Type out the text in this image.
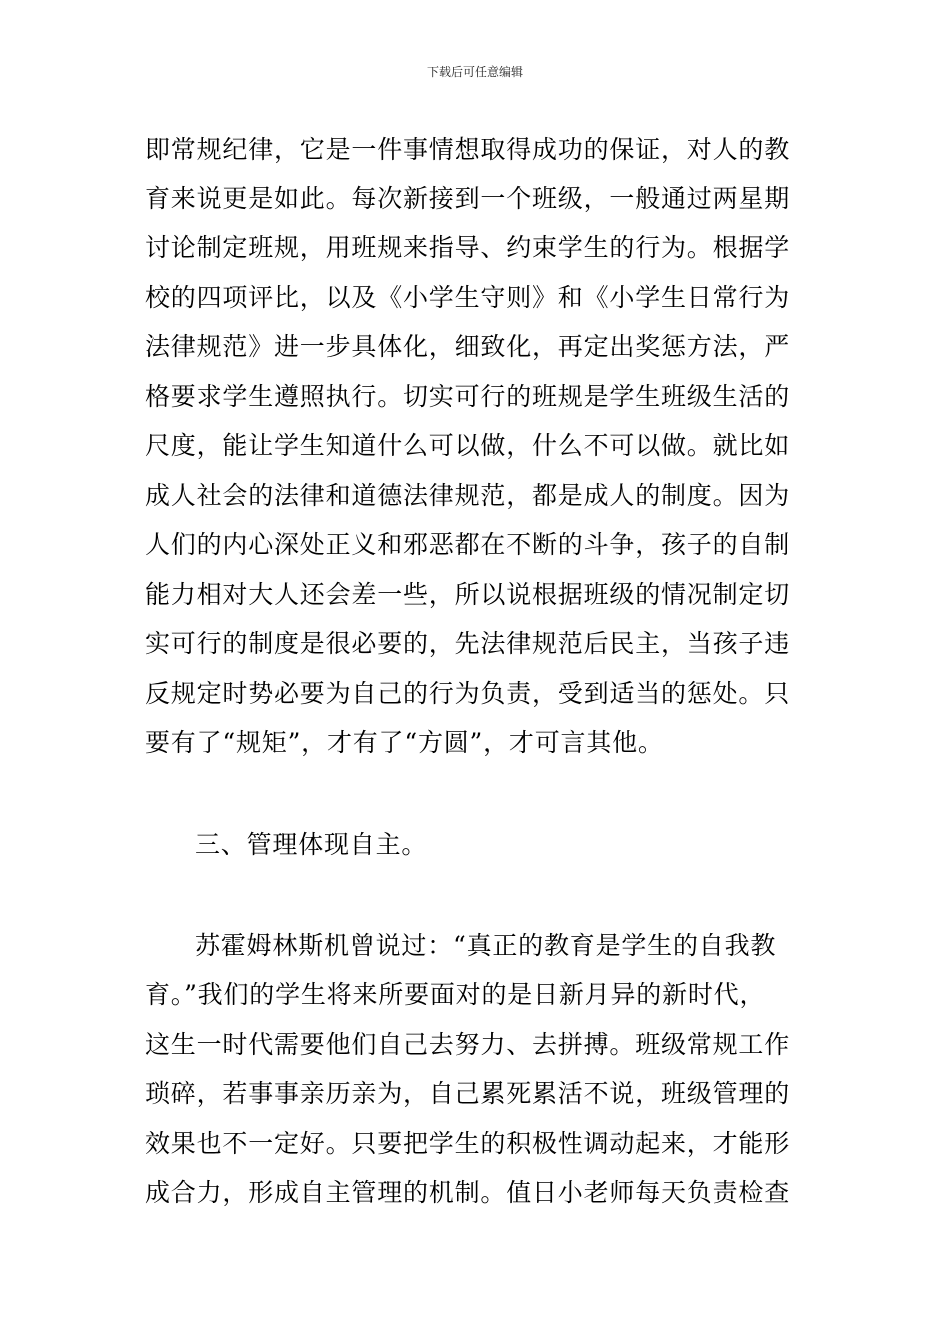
下载后可任意编辑
即常规纪律，它是一件事情想取得成功的保证，对人的教
育来说更是如此。每次新接到一个班级，一般通过两星期
讨论制定班规，用班规来指导、约束学生的行为。根据学
校的四项评比，以及《小学生守则》和《小学生日常行为
法律规范》进一步具体化，细致化，再定出奖惩方法，严
格要求学生遵照执行。切实可行的班规是学生班级生活的
尺度，能让学生知道什么可以做，什么不可以做。就比如
成人社会的法律和道德法律规范，都是成人的制度。因为
人们的内心深处正义和邪恶都在不断的斗争，孩子的自制
能力相对大人还会差一些，所以说根据班级的情况制定切
实可行的制度是很必要的，先法律规范后民主，当孩子违
反规定时势必要为自己的行为负责，受到适当的惩处。只
要有了“规矩”，才有了“方圆”，才可言其他。
三、管理体现自主。
苏霍姆林斯机曾说过：“真正的教育是学生的自我教
育。”我们的学生将来所要面对的是日新月异的新时代，
这生一时代需要他们自己去努力、去拼搏。班级常规工作
琐碎，若事事亲历亲为，自己累死累活不说，班级管理的
效果也不一定好。只要把学生的积极性调动起来，才能形
成合力，形成自主管理的机制。值日小老师每天负责检查
